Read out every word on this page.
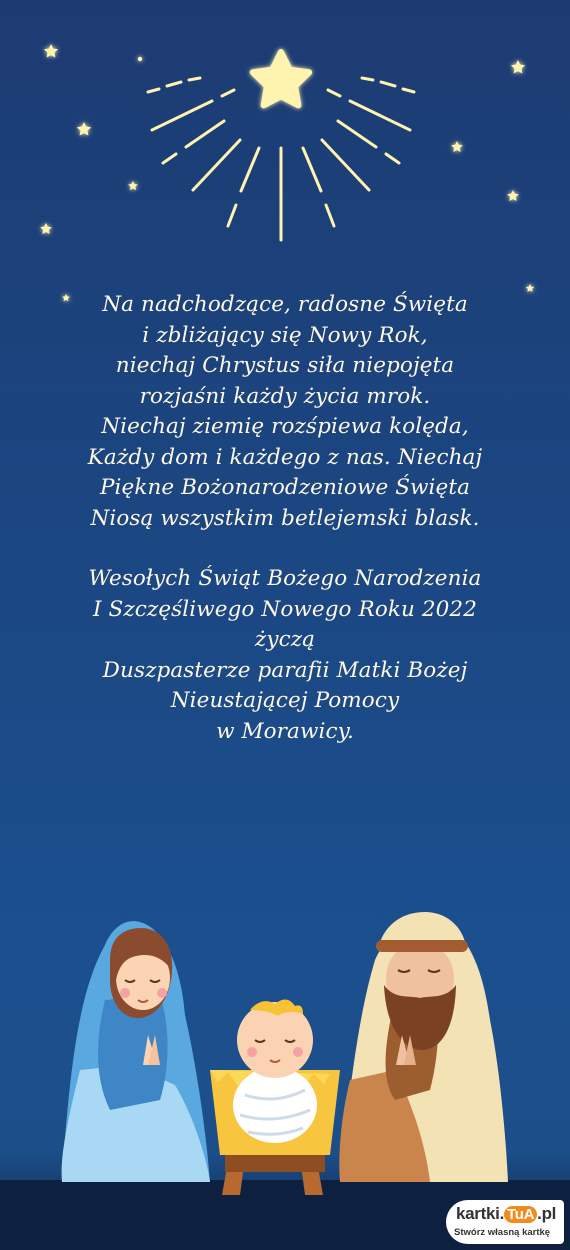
Na nadchodzące, radosne Święta
i zbliżający się Nowy Rok,
niechaj Chrystus siła niepojęta
rozjaśni każdy życia mrok.
Niechaj ziemię rozśpiewa kolęda,
Każdy dom i każdego z nas. Niechaj
Piękne Bożonarodzeniowe Święta
Niosą wszystkim betlejemski blask.
Wesołych Świąt Bożego Narodzenia
I Szczęśliwego Nowego Roku 2022
życzą
Duszpasterze parafii Matki Bożej
Nieustającej Pomocy
w Morawicy.
kartki. TuA .pl
Stwórz własną kartkę
